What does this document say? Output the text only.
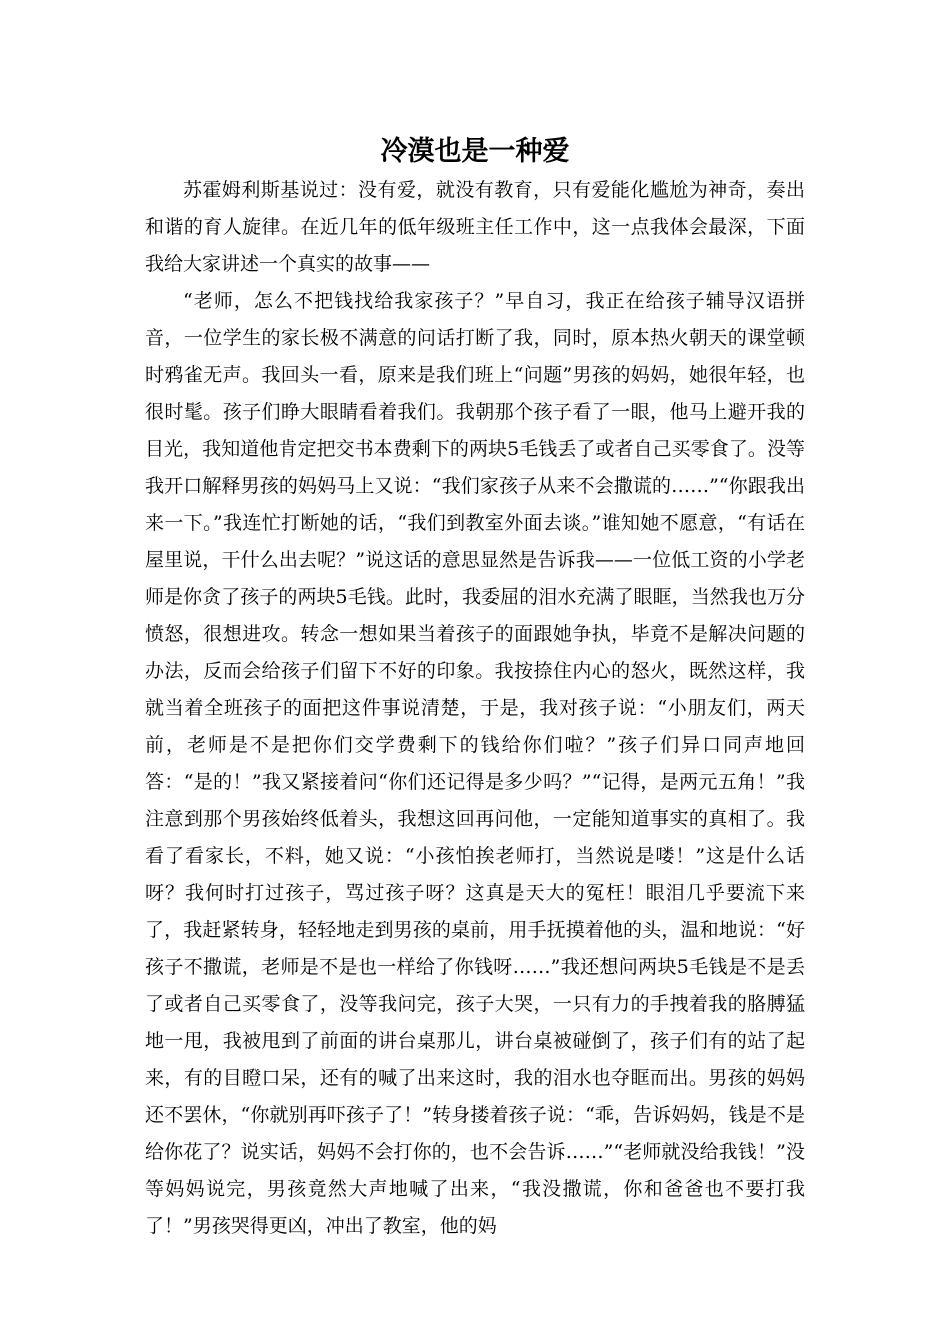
冷漠也是一种爱

苏霍姆利斯基说过：没有爱，就没有教育，只有爱能化尴尬为神奇，奏出和谐的育人旋律。在近几年的低年级班主任工作中，这一点我体会最深，下面我给大家讲述一个真实的故事——

“老师，怎么不把钱找给我家孩子？”早自习，我正在给孩子辅导汉语拼音，一位学生的家长极不满意的问话打断了我，同时，原本热火朝天的课堂顿时鸦雀无声。我回头一看，原来是我们班上“问题”男孩的妈妈，她很年轻，也很时髦。孩子们睁大眼睛看着我们。我朝那个孩子看了一眼，他马上避开我的目光，我知道他肯定把交书本费剩下的两块5毛钱丢了或者自己买零食了。没等我开口解释男孩的妈妈马上又说：“我们家孩子从来不会撒谎的……”“你跟我出来一下。”我连忙打断她的话，“我们到教室外面去谈。”谁知她不愿意，“有话在屋里说，干什么出去呢？”说这话的意思显然是告诉我——一位低工资的小学老师是你贪了孩子的两块5毛钱。此时，我委屈的泪水充满了眼眶，当然我也万分愤怒，很想进攻。转念一想如果当着孩子的面跟她争执，毕竟不是解决问题的办法，反而会给孩子们留下不好的印象。我按捺住内心的怒火，既然这样，我就当着全班孩子的面把这件事说清楚，于是，我对孩子说：“小朋友们，两天前，老师是不是把你们交学费剩下的钱给你们啦？”孩子们异口同声地回答：“是的！”我又紧接着问“你们还记得是多少吗？”“记得，是两元五角！”我注意到那个男孩始终低着头，我想这回再问他，一定能知道事实的真相了。我看了看家长，不料，她又说：“小孩怕挨老师打，当然说是喽！”这是什么话呀？我何时打过孩子，骂过孩子呀？这真是天大的冤枉！眼泪几乎要流下来了，我赶紧转身，轻轻地走到男孩的桌前，用手抚摸着他的头，温和地说：“好孩子不撒谎，老师是不是也一样给了你钱呀……”我还想问两块5毛钱是不是丢了或者自己买零食了，没等我问完，孩子大哭，一只有力的手拽着我的胳膊猛地一甩，我被甩到了前面的讲台桌那儿，讲台桌被碰倒了，孩子们有的站了起来，有的目瞪口呆，还有的喊了出来这时，我的泪水也夺眶而出。男孩的妈妈还不罢休，“你就别再吓孩子了！”转身搂着孩子说：“乖，告诉妈妈，钱是不是给你花了？说实话，妈妈不会打你的，也不会告诉……”“老师就没给我钱！”没等妈妈说完，男孩竟然大声地喊了出来，“我没撒谎，你和爸爸也不要打我了！”男孩哭得更凶，冲出了教室，他的妈
